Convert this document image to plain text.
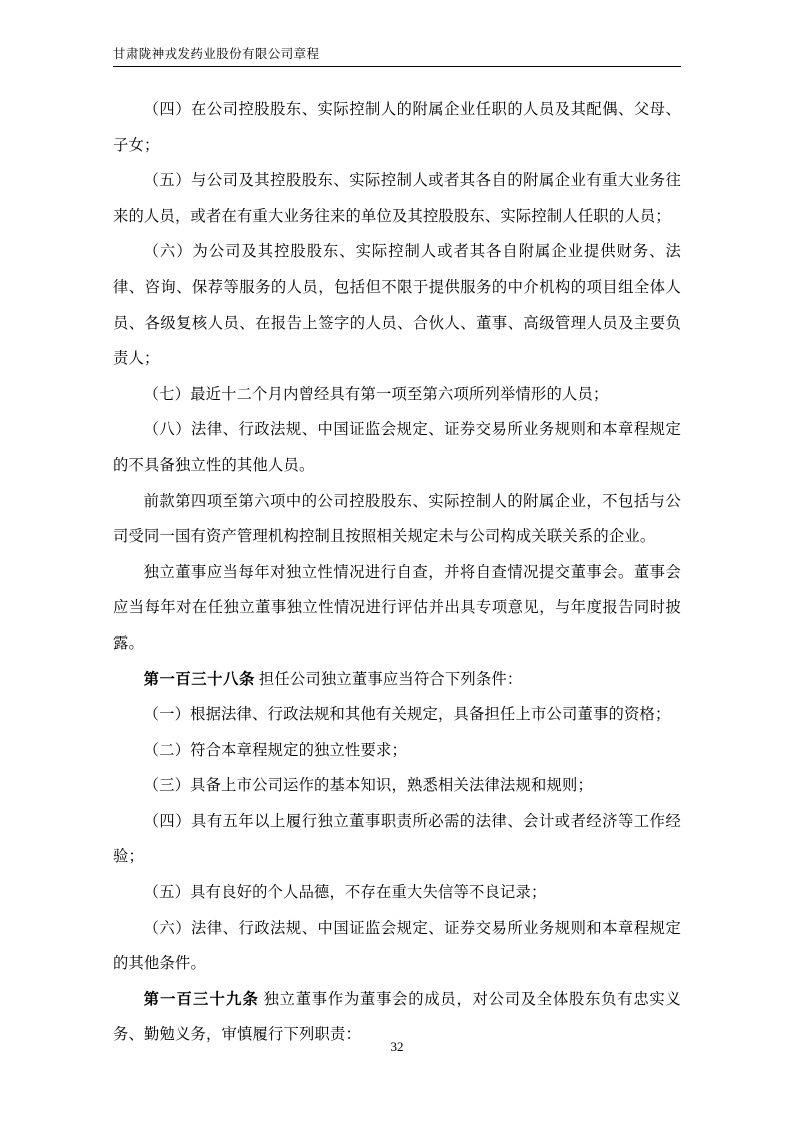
甘肃陇神戎发药业股份有限公司章程

（四）在公司控股股东、实际控制人的附属企业任职的人员及其配偶、父母、子女；

（五）与公司及其控股股东、实际控制人或者其各自的附属企业有重大业务往来的人员，或者在有重大业务往来的单位及其控股股东、实际控制人任职的人员；

（六）为公司及其控股股东、实际控制人或者其各自附属企业提供财务、法律、咨询、保荐等服务的人员，包括但不限于提供服务的中介机构的项目组全体人员、各级复核人员、在报告上签字的人员、合伙人、董事、高级管理人员及主要负责人；

（七）最近十二个月内曾经具有第一项至第六项所列举情形的人员；

（八）法律、行政法规、中国证监会规定、证券交易所业务规则和本章程规定的不具备独立性的其他人员。

前款第四项至第六项中的公司控股股东、实际控制人的附属企业，不包括与公司受同一国有资产管理机构控制且按照相关规定未与公司构成关联关系的企业。

独立董事应当每年对独立性情况进行自查，并将自查情况提交董事会。董事会应当每年对在任独立董事独立性情况进行评估并出具专项意见，与年度报告同时披露。

第一百三十八条 担任公司独立董事应当符合下列条件：

（一）根据法律、行政法规和其他有关规定，具备担任上市公司董事的资格；

（二）符合本章程规定的独立性要求；

（三）具备上市公司运作的基本知识，熟悉相关法律法规和规则；

（四）具有五年以上履行独立董事职责所必需的法律、会计或者经济等工作经验；

（五）具有良好的个人品德，不存在重大失信等不良记录；

（六）法律、行政法规、中国证监会规定、证券交易所业务规则和本章程规定的其他条件。

第一百三十九条 独立董事作为董事会的成员，对公司及全体股东负有忠实义务、勤勉义务，审慎履行下列职责：

32
